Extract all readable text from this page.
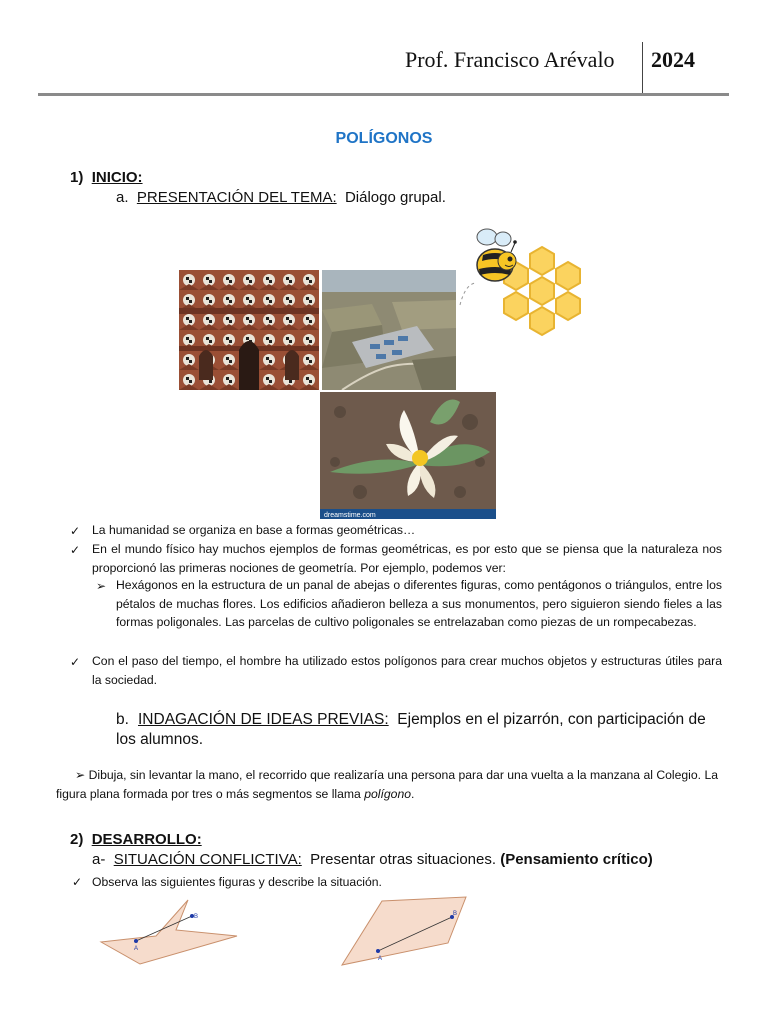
Prof. Francisco Arévalo 2024
POLÍGONOS
1) INICIO:
a. PRESENTACIÓN DEL TEMA: Diálogo grupal.
dreamstime.com
✓ La humanidad se organiza en base a formas geométricas…
✓ En el mundo físico hay muchos ejemplos de formas geométricas, es por esto que se piensa que la naturaleza nos proporcionó las primeras nociones de geometría. Por ejemplo, podemos ver:
➢ Hexágonos en la estructura de un panal de abejas o diferentes figuras, como pentágonos o triángulos, entre los pétalos de muchas flores. Los edificios añadieron belleza a sus monumentos, pero siguieron siendo fieles a las formas poligonales. Las parcelas de cultivo poligonales se entrelazaban como piezas de un rompecabezas.
✓ Con el paso del tiempo, el hombre ha utilizado estos polígonos para crear muchos objetos y estructuras útiles para la sociedad.
b. INDAGACIÓN DE IDEAS PREVIAS: Ejemplos en el pizarrón, con participación de los alumnos.
➢ Dibuja, sin levantar la mano, el recorrido que realizaría una persona para dar una vuelta a la manzana al Colegio. La figura plana formada por tres o más segmentos se llama polígono.
2) DESARROLLO:
a- SITUACIÓN CONFLICTIVA: Presentar otras situaciones. (Pensamiento crítico)
✓ Observa las siguientes figuras y describe la situación.
A
B
A
B
